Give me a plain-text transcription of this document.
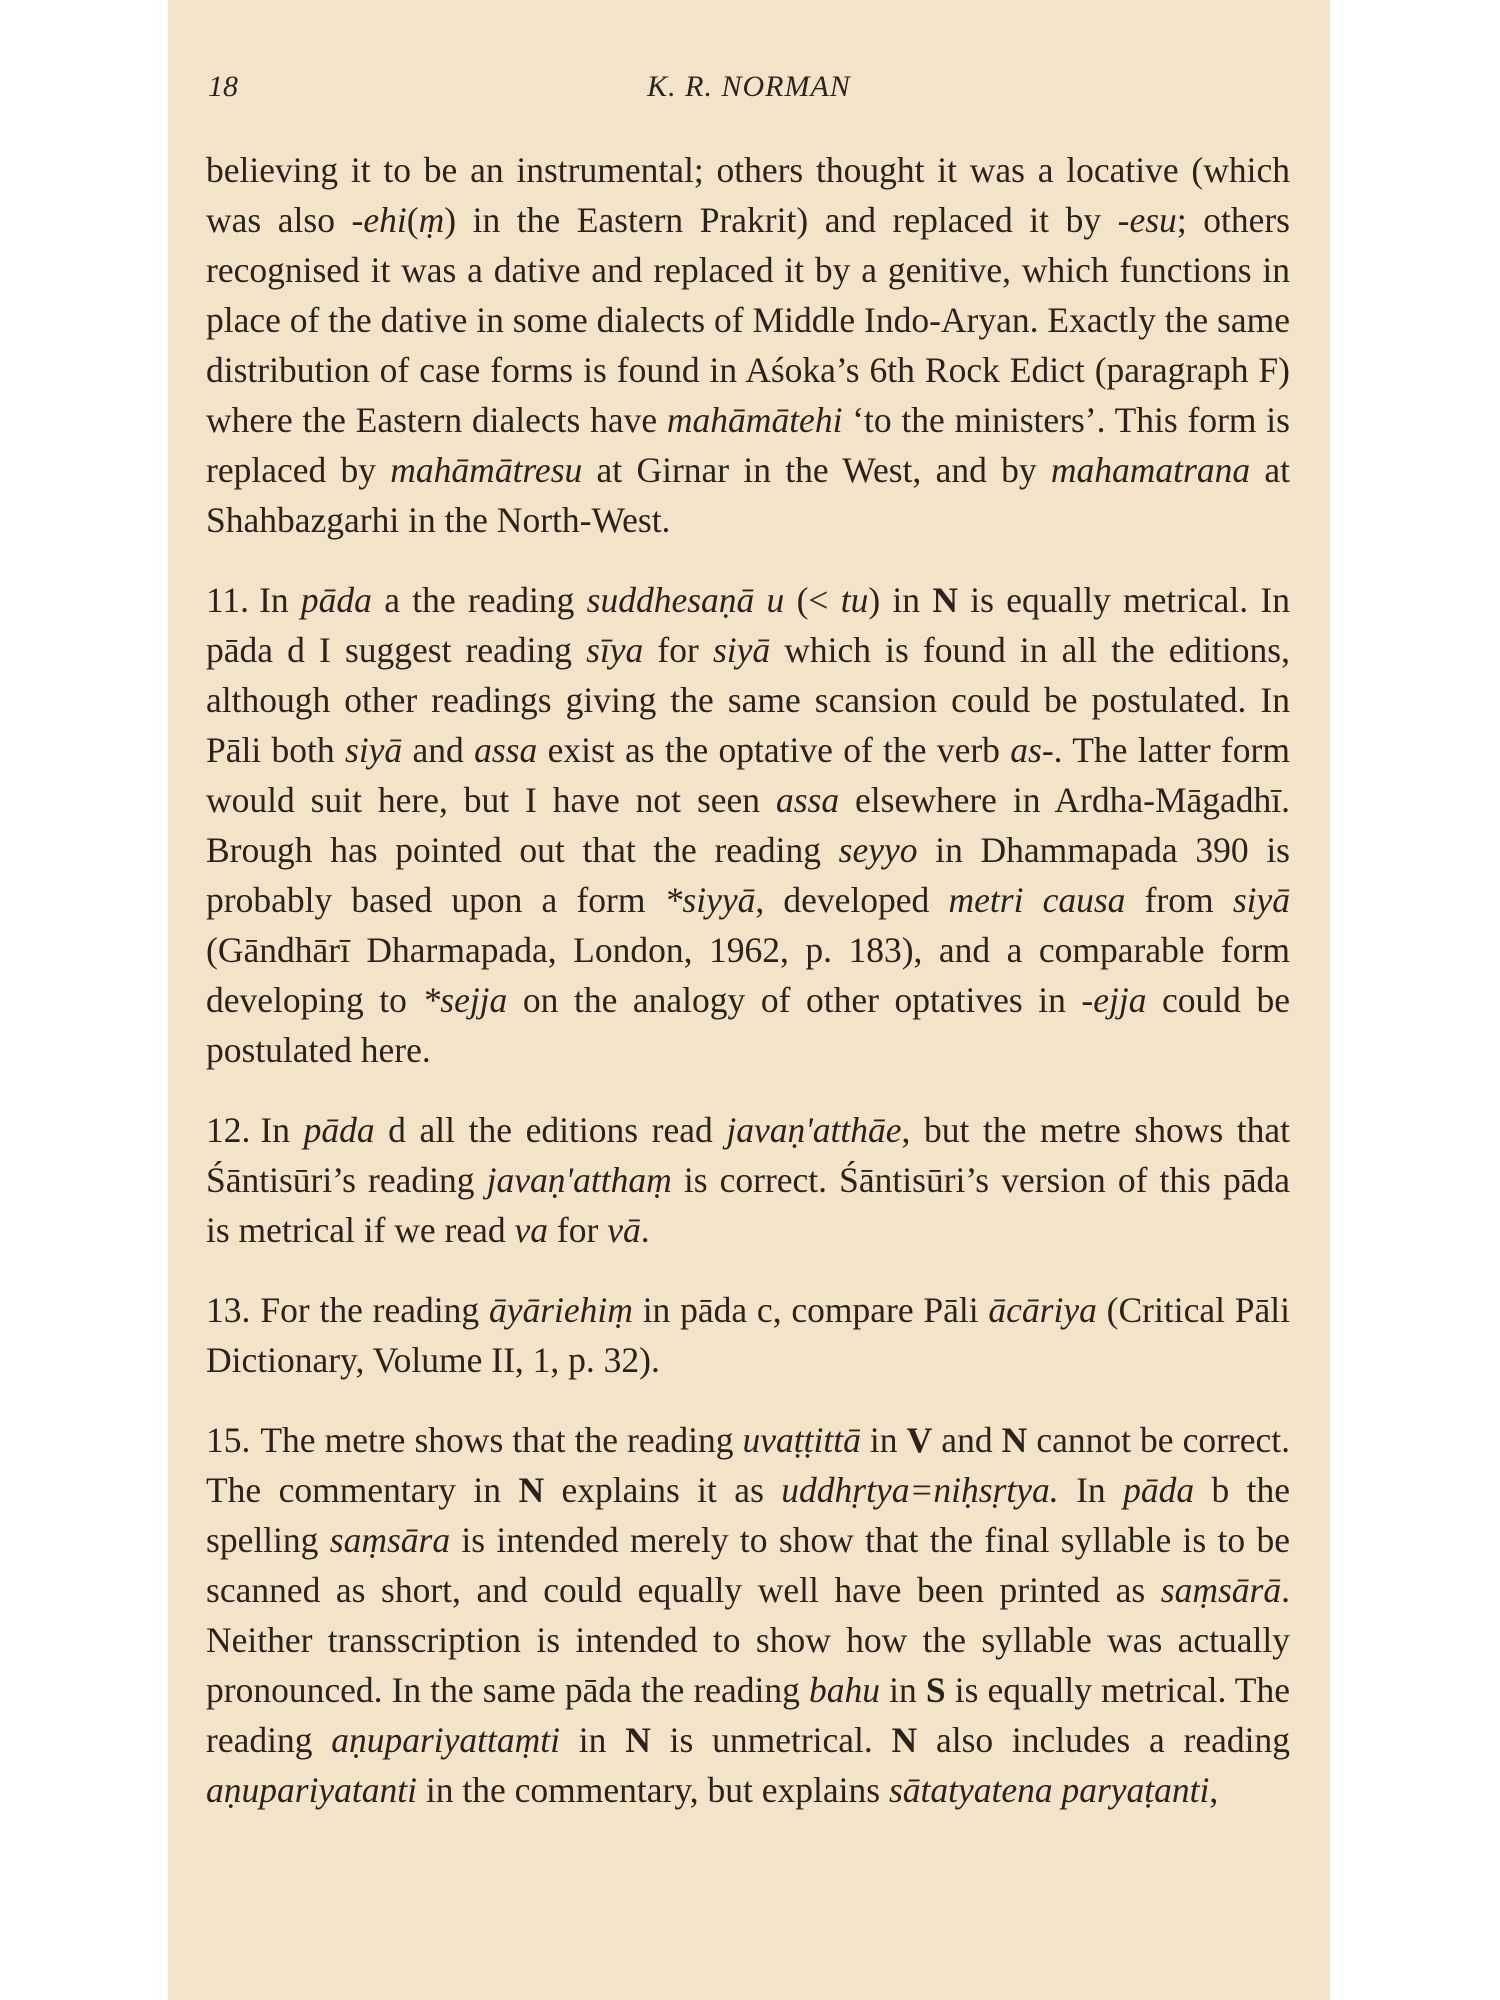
18	K. R. NORMAN

believing it to be an instrumental; others thought it was a locative (which was also -ehi(ṃ) in the Eastern Prakrit) and replaced it by -esu; others recognised it was a dative and replaced it by a genitive, which functions in place of the dative in some dialects of Middle Indo-Aryan. Exactly the same distribution of case forms is found in Aśoka’s 6th Rock Edict (paragraph F) where the Eastern dialects have mahāmātehi ‘to the ministers’. This form is replaced by mahāmātresu at Girnar in the West, and by mahamatrana at Shahbazgarhi in the North-West.

11. In pāda a the reading suddhesaṇā u (< tu) in N is equally metrical. In pāda d I suggest reading sīya for siyā which is found in all the editions, although other readings giving the same scansion could be postulated. In Pāli both siyā and assa exist as the optative of the verb as-. The latter form would suit here, but I have not seen assa elsewhere in Ardha-Māgadhī. Brough has pointed out that the reading seyyo in Dhammapada 390 is probably based upon a form *siyyā, developed metri causa from siyā (Gāndhārī Dharmapada, London, 1962, p. 183), and a comparable form developing to *sejja on the analogy of other optatives in -ejja could be postulated here.

12. In pāda d all the editions read javaṇ'atthāe, but the metre shows that Śāntisūri’s reading javaṇ'atthaṃ is correct. Śāntisūri’s version of this pāda is metrical if we read va for vā.

13. For the reading āyāriehiṃ in pāda c, compare Pāli ācāriya (Critical Pāli Dictionary, Volume II, 1, p. 32).

15. The metre shows that the reading uvaṭṭittā in V and N cannot be correct. The commentary in N explains it as uddhṛtya=niḥsṛtya. In pāda b the spelling saṃsāra is intended merely to show that the final syllable is to be scanned as short, and could equally well have been printed as saṃsārā. Neither transscription is intended to show how the syllable was actually pronounced. In the same pāda the reading bahu in S is equally metrical. The reading aṇupariyattaṃti in N is unmetrical. N also includes a reading aṇupariyatanti in the commentary, but explains sātatyatena paryaṭanti,
